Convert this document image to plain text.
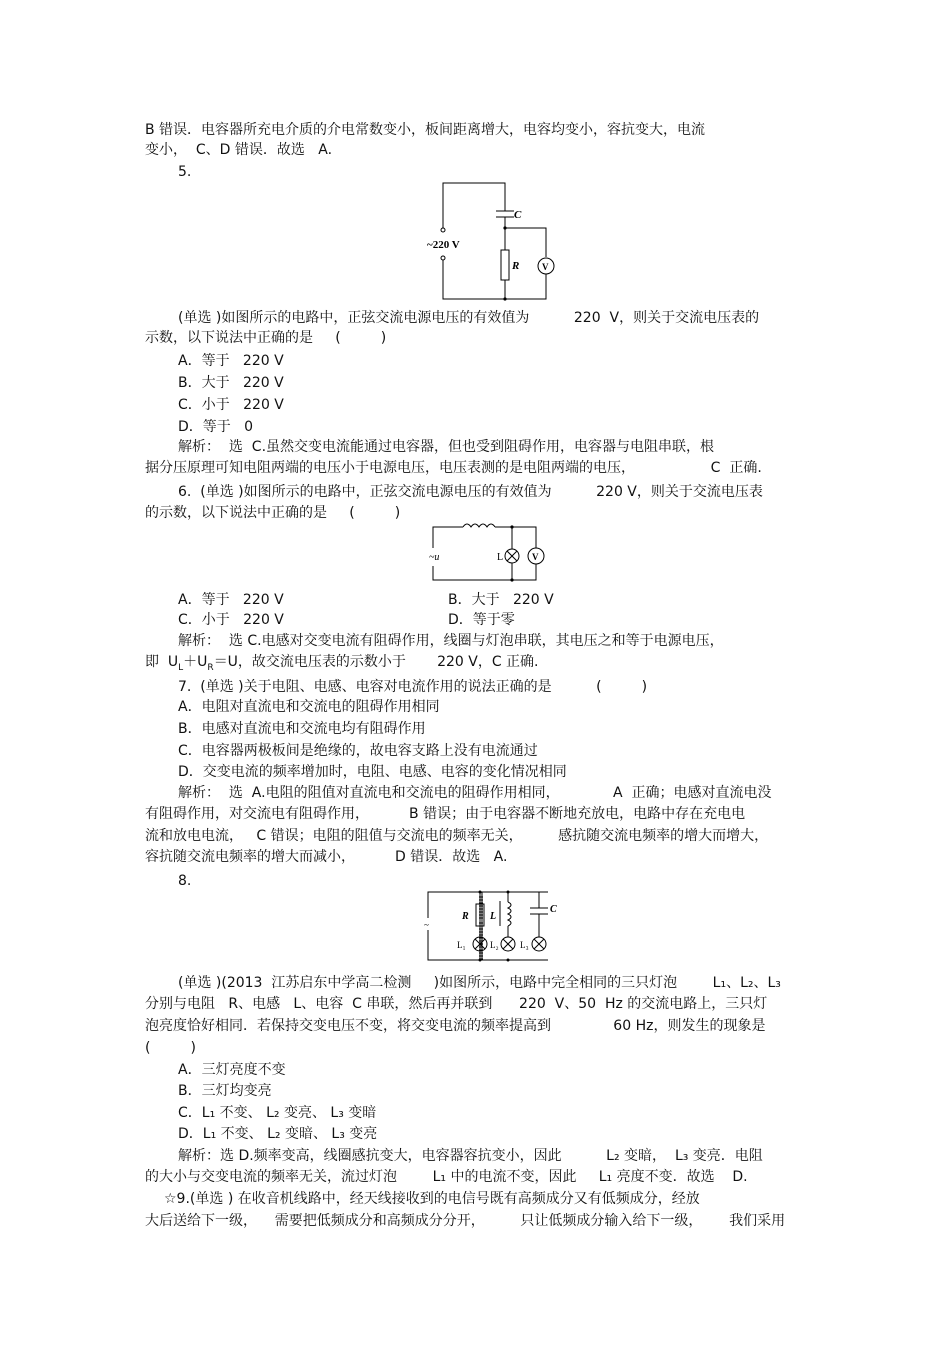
B 错误．电容器所充电介质的介电常数变小，板间距离增大，电容均变小，容抗变大，电流
变小，  C、D 错误．故选   A.
5.
C
R	V
~220 V
(单选 )如图所示的电路中，正弦交流电源电压的有效值为          220  V，则关于交流电压表的
示数，以下说法中正确的是     (         )
A．等于   220 V
B．大于   220 V
C．小于   220 V
D．等于   0
解析：  选  C.虽然交变电流能通过电容器，但也受到阻碍作用，电容器与电阻串联，根
据分压原理可知电阻两端的电压小于电源电压，电压表测的是电阻两端的电压，                 C  正确.
6.  (单选 )如图所示的电路中，正弦交流电源电压的有效值为          220 V，则关于交流电压表
的示数，以下说法中正确的是     (         )
~u	L	V
A．等于   220 V	B．大于   220 V
C．小于   220 V	D．等于零
解析：  选 C.电感对交变电流有阻碍作用，线圈与灯泡串联，其电压之和等于电源电压，
即  $U_L+U_R=U$，故交流电压表的示数小于       220 V，C 正确.
7.  (单选 )关于电阻、电感、电容对电流作用的说法正确的是          (         )
A．电阻对直流电和交流电的阻碍作用相同
B．电感对直流电和交流电均有阻碍作用
C．电容器两极板间是绝缘的，故电容支路上没有电流通过
D．交变电流的频率增加时，电阻、电感、电容的变化情况相同
解析：  选  A.电阻的阻值对直流电和交流电的阻碍作用相同，            A  正确；电感对直流电没
有阻碍作用，对交流电有阻碍作用，         B 错误；由于电容器不断地充放电，电路中存在充电电
流和放电电流，   C 错误；电阻的阻值与交流电的频率无关，        感抗随交流电频率的增大而增大，
容抗随交流电频率的增大而减小，         D 错误．故选   A.
8.
R L
C
~
L₁	L₂ L₃
(单选 )(2013  江苏启东中学高二检测     )如图所示，电路中完全相同的三只灯泡        L₁、L₂、L₃
分别与电阻   R、电感   L、电容  C 串联，然后再并联到      220  V、50  Hz 的交流电路上，三只灯
泡亮度恰好相同．若保持交变电压不变，将交变电流的频率提高到              60 Hz，则发生的现象是
(         )
A．三灯亮度不变
B．三灯均变亮
C．L₁ 不变、 L₂ 变亮、 L₃ 变暗
D．L₁ 不变、 L₂ 变暗、 L₃ 变亮
解析：选 D.频率变高，线圈感抗变大，电容器容抗变小，因此          L₂ 变暗，  L₃ 变亮．电阻
的大小与交变电流的频率无关，流过灯泡        L₁ 中的电流不变，因此     L₁ 亮度不变．故选    D.
☆9.(单选 ) 在收音机线路中，经天线接收到的电信号既有高频成分又有低频成分，经放
大后送给下一级，    需要把低频成分和高频成分分开，        只让低频成分输入给下一级，      我们采用
